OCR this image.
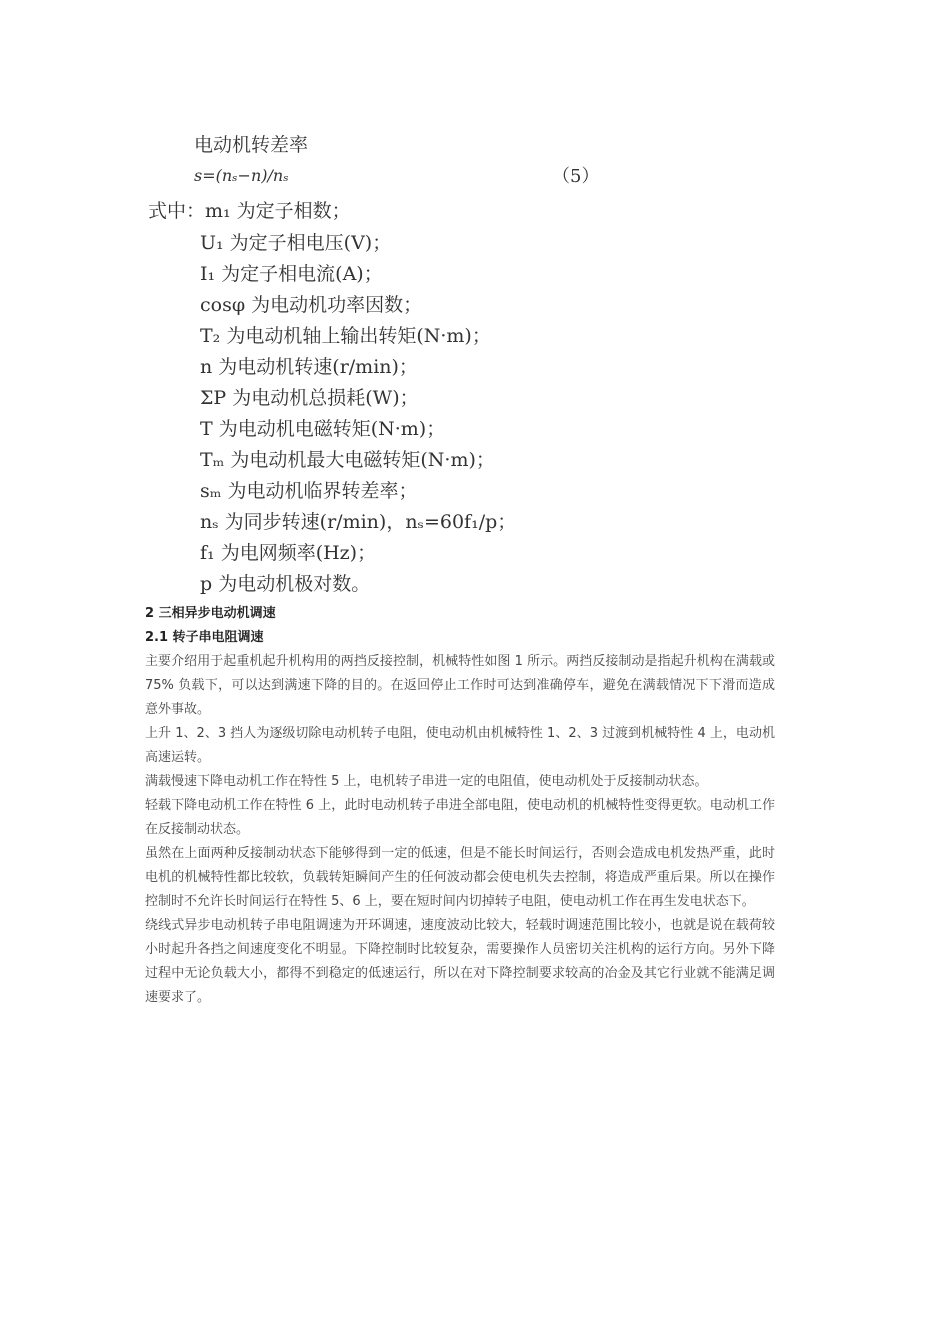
电动机转差率
s=(nₛ−n)/nₛ	（5）
式中：m₁ 为定子相数；
U₁ 为定子相电压(V)；
I₁ 为定子相电流(A)；
cosφ 为电动机功率因数；
T₂ 为电动机轴上输出转矩(N·m)；
n 为电动机转速(r/min)；
ΣP 为电动机总损耗(W)；
T 为电动机电磁转矩(N·m)；
Tₘ 为电动机最大电磁转矩(N·m)；
sₘ 为电动机临界转差率；
nₛ 为同步转速(r/min)，nₛ=60f₁/p；
f₁ 为电网频率(Hz)；
p 为电动机极对数。
2 三相异步电动机调速
2.1 转子串电阻调速

主要介绍用于起重机起升机构用的两挡反接控制，机械特性如图 1 所示。两挡反接制动是指起升机构在满载或 75% 负载下，可以达到满速下降的目的。在返回停止工作时可达到准确停车，避免在满载情况下下滑而造成意外事故。

上升 1、2、3 挡人为逐级切除电动机转子电阻，使电动机由机械特性 1、2、3 过渡到机械特性 4 上，电动机高速运转。

满载慢速下降电动机工作在特性 5 上，电机转子串进一定的电阻值，使电动机处于反接制动状态。

轻载下降电动机工作在特性 6 上，此时电动机转子串进全部电阻，使电动机的机械特性变得更软。电动机工作在反接制动状态。

虽然在上面两种反接制动状态下能够得到一定的低速，但是不能长时间运行，否则会造成电机发热严重，此时电机的机械特性都比较软，负载转矩瞬间产生的任何波动都会使电机失去控制，将造成严重后果。所以在操作控制时不允许长时间运行在特性 5、6 上，要在短时间内切掉转子电阻，使电动机工作在再生发电状态下。

绕线式异步电动机转子串电阻调速为开环调速，速度波动比较大，轻载时调速范围比较小，也就是说在载荷较小时起升各挡之间速度变化不明显。下降控制时比较复杂，需要操作人员密切关注机构的运行方向。另外下降过程中无论负载大小，都得不到稳定的低速运行，所以在对下降控制要求较高的冶金及其它行业就不能满足调速要求了。
